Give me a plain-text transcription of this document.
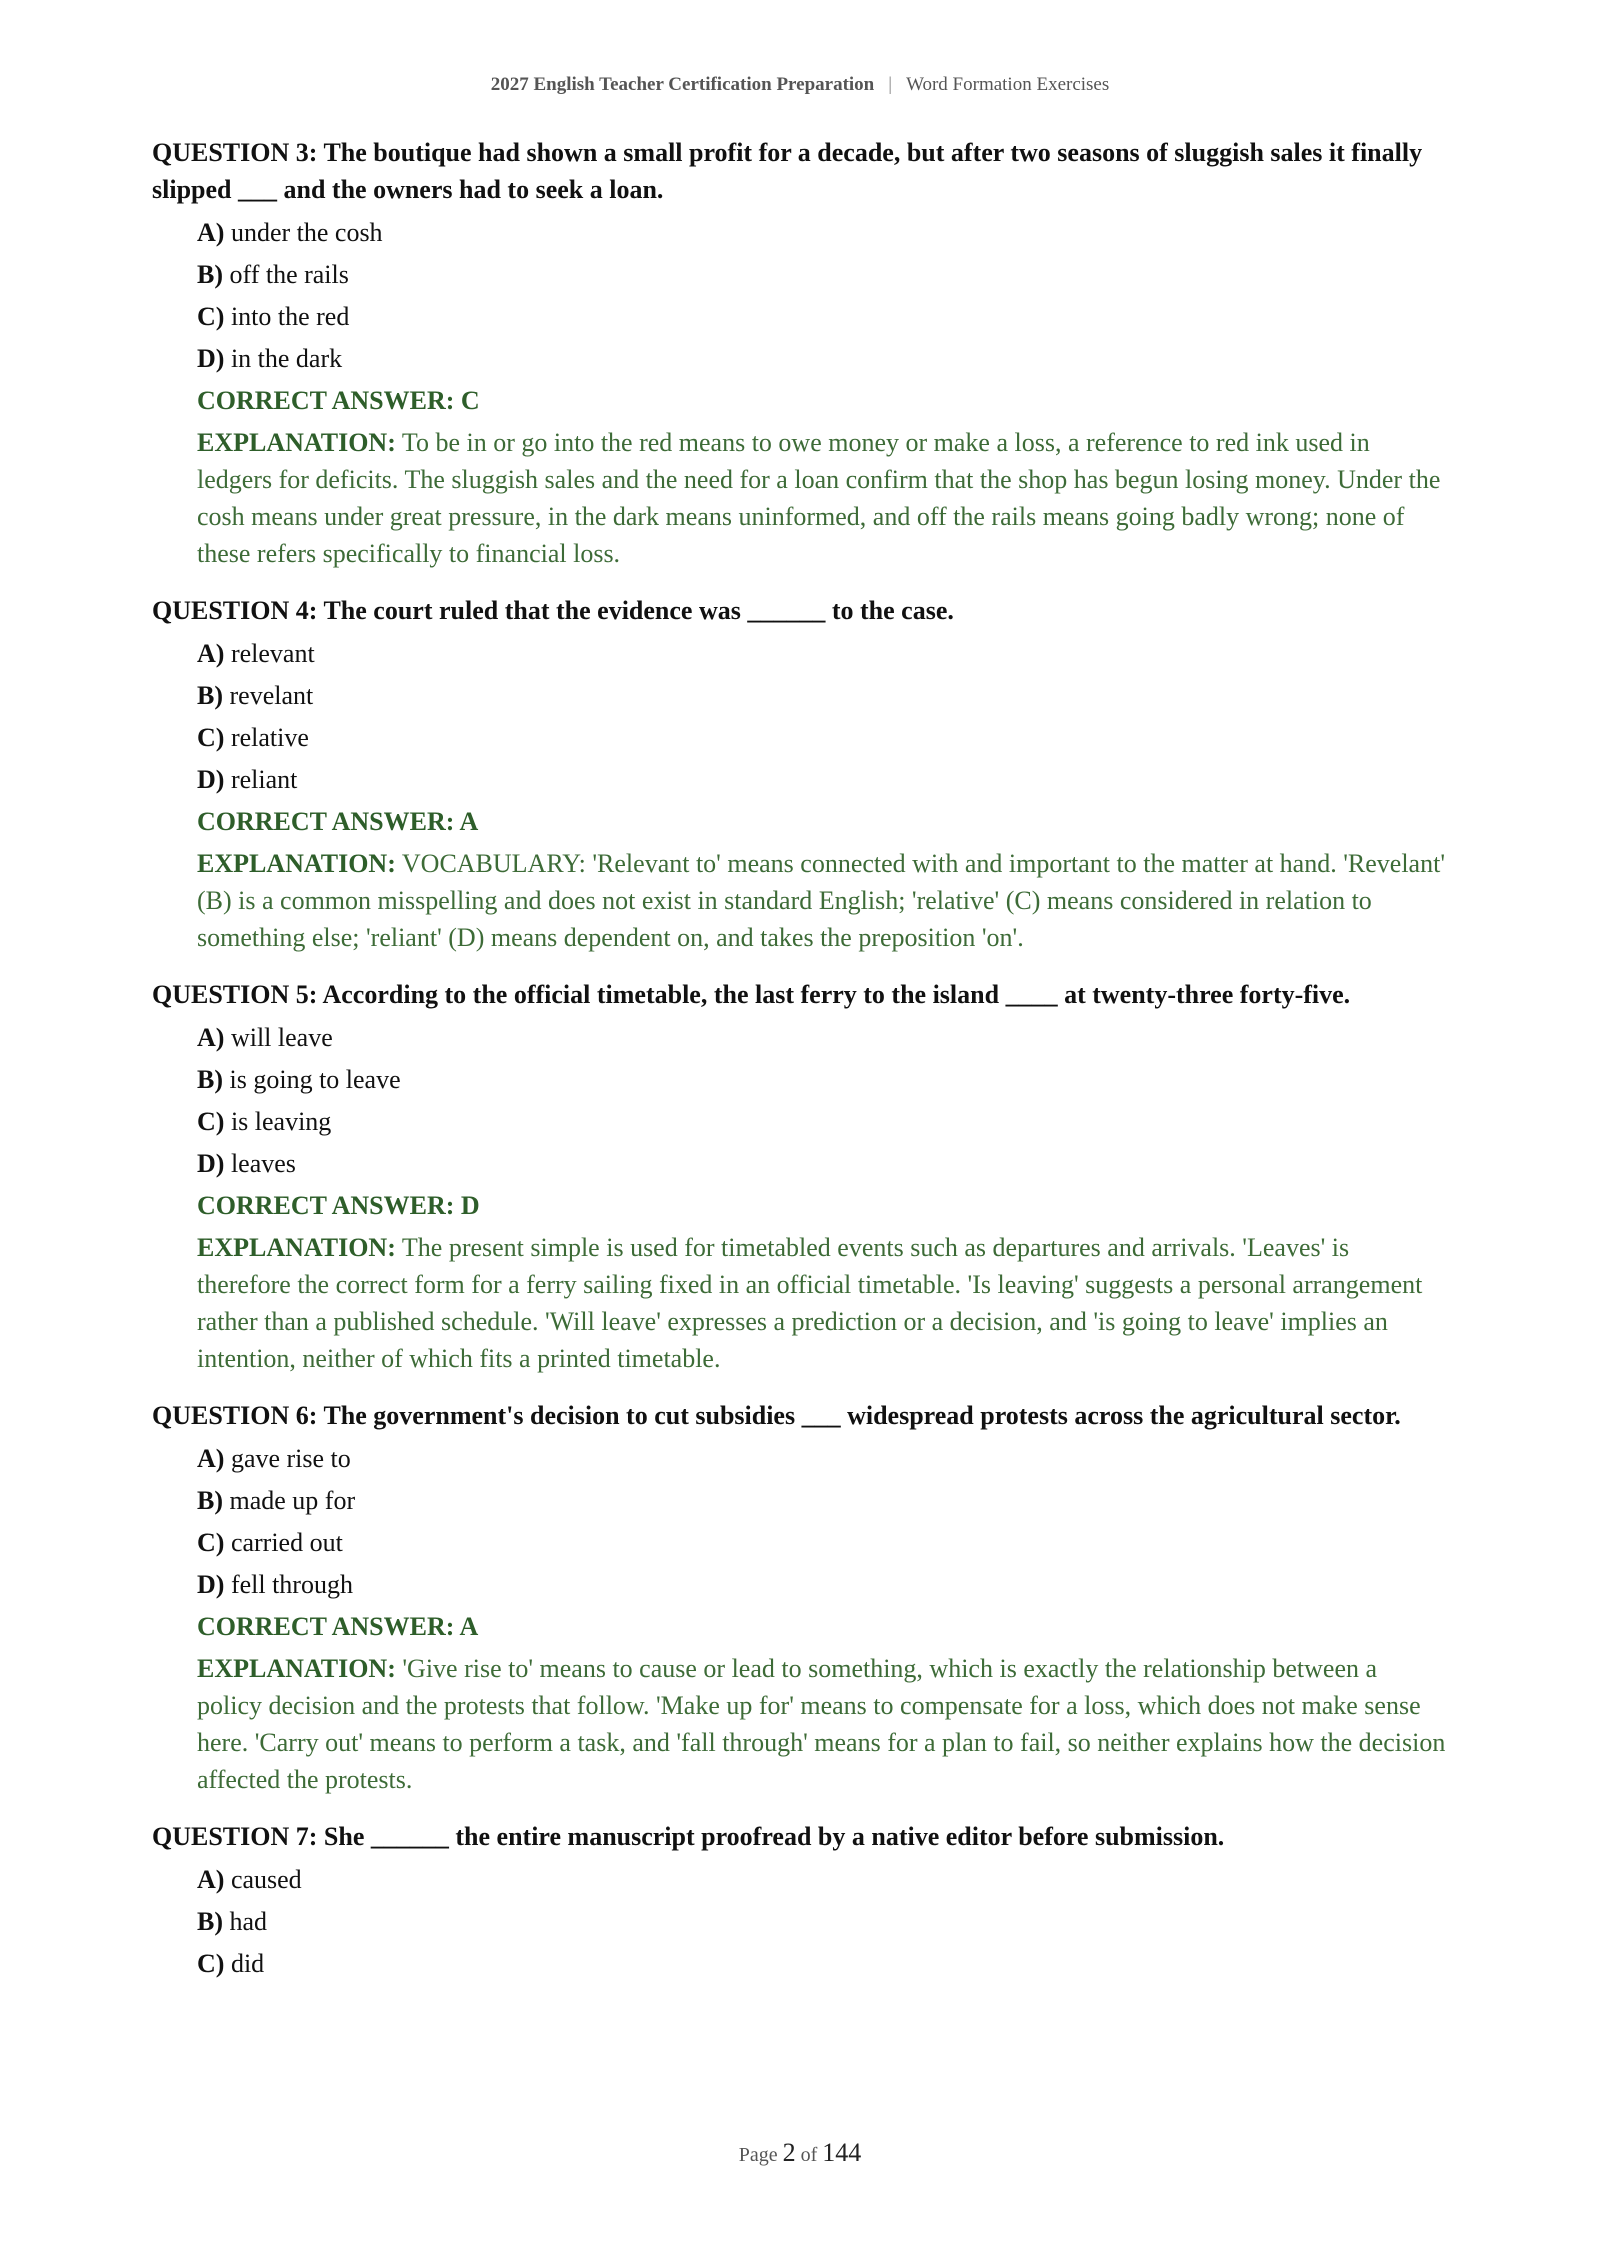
2027 English Teacher Certification Preparation | Word Formation Exercises
QUESTION 3: The boutique had shown a small profit for a decade, but after two seasons of sluggish sales it finally slipped ___ and the owners had to seek a loan.
A) under the cosh
B) off the rails
C) into the red
D) in the dark
CORRECT ANSWER: C
EXPLANATION: To be in or go into the red means to owe money or make a loss, a reference to red ink used in ledgers for deficits. The sluggish sales and the need for a loan confirm that the shop has begun losing money. Under the cosh means under great pressure, in the dark means uninformed, and off the rails means going badly wrong; none of these refers specifically to financial loss.
QUESTION 4: The court ruled that the evidence was ______ to the case.
A) relevant
B) revelant
C) relative
D) reliant
CORRECT ANSWER: A
EXPLANATION: VOCABULARY: 'Relevant to' means connected with and important to the matter at hand. 'Revelant' (B) is a common misspelling and does not exist in standard English; 'relative' (C) means considered in relation to something else; 'reliant' (D) means dependent on, and takes the preposition 'on'.
QUESTION 5: According to the official timetable, the last ferry to the island ____ at twenty-three forty-five.
A) will leave
B) is going to leave
C) is leaving
D) leaves
CORRECT ANSWER: D
EXPLANATION: The present simple is used for timetabled events such as departures and arrivals. 'Leaves' is therefore the correct form for a ferry sailing fixed in an official timetable. 'Is leaving' suggests a personal arrangement rather than a published schedule. 'Will leave' expresses a prediction or a decision, and 'is going to leave' implies an intention, neither of which fits a printed timetable.
QUESTION 6: The government's decision to cut subsidies ___ widespread protests across the agricultural sector.
A) gave rise to
B) made up for
C) carried out
D) fell through
CORRECT ANSWER: A
EXPLANATION: 'Give rise to' means to cause or lead to something, which is exactly the relationship between a policy decision and the protests that follow. 'Make up for' means to compensate for a loss, which does not make sense here. 'Carry out' means to perform a task, and 'fall through' means for a plan to fail, so neither explains how the decision affected the protests.
QUESTION 7: She ______ the entire manuscript proofread by a native editor before submission.
A) caused
B) had
C) did
Page 2 of 144
